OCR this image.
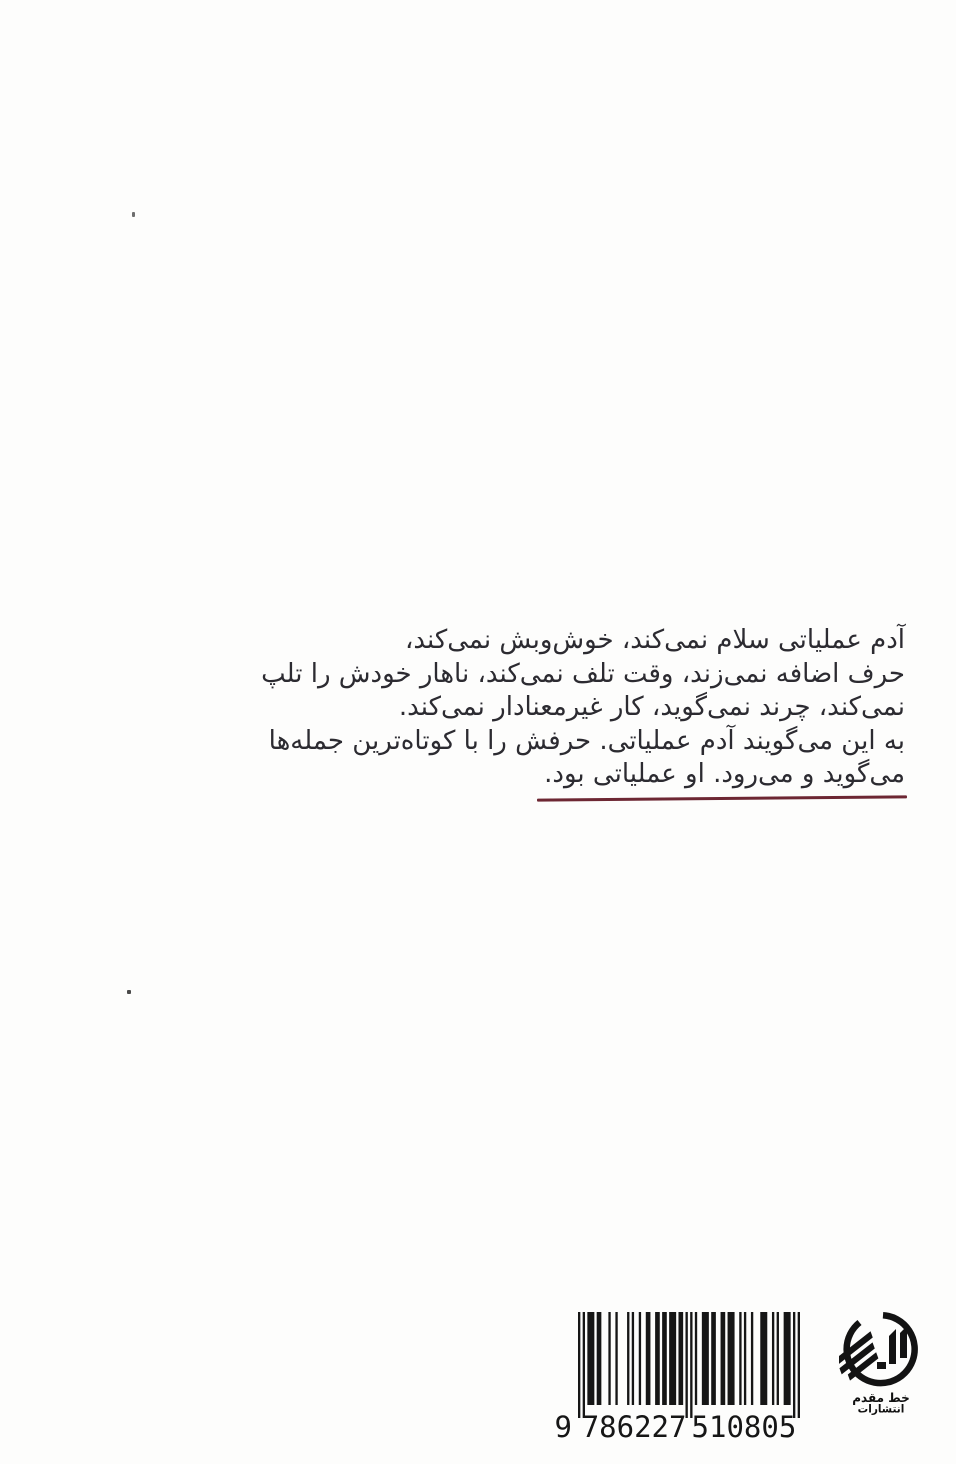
آدم عملیاتی سلام نمی‌کند، خوش‌وبش نمی‌کند،
حرف اضافه نمی‌زند، وقت تلف نمی‌کند، ناهار خودش را تلپ
نمی‌کند، چرند نمی‌گوید، کار غیرمعنادار نمی‌کند.
به این می‌گویند آدم عملیاتی. حرفش را با کوتاه‌ترین جمله‌ها
می‌گوید و می‌رود. او عملیاتی بود.
9 786227 510805
خط مقدم
انتشارات
